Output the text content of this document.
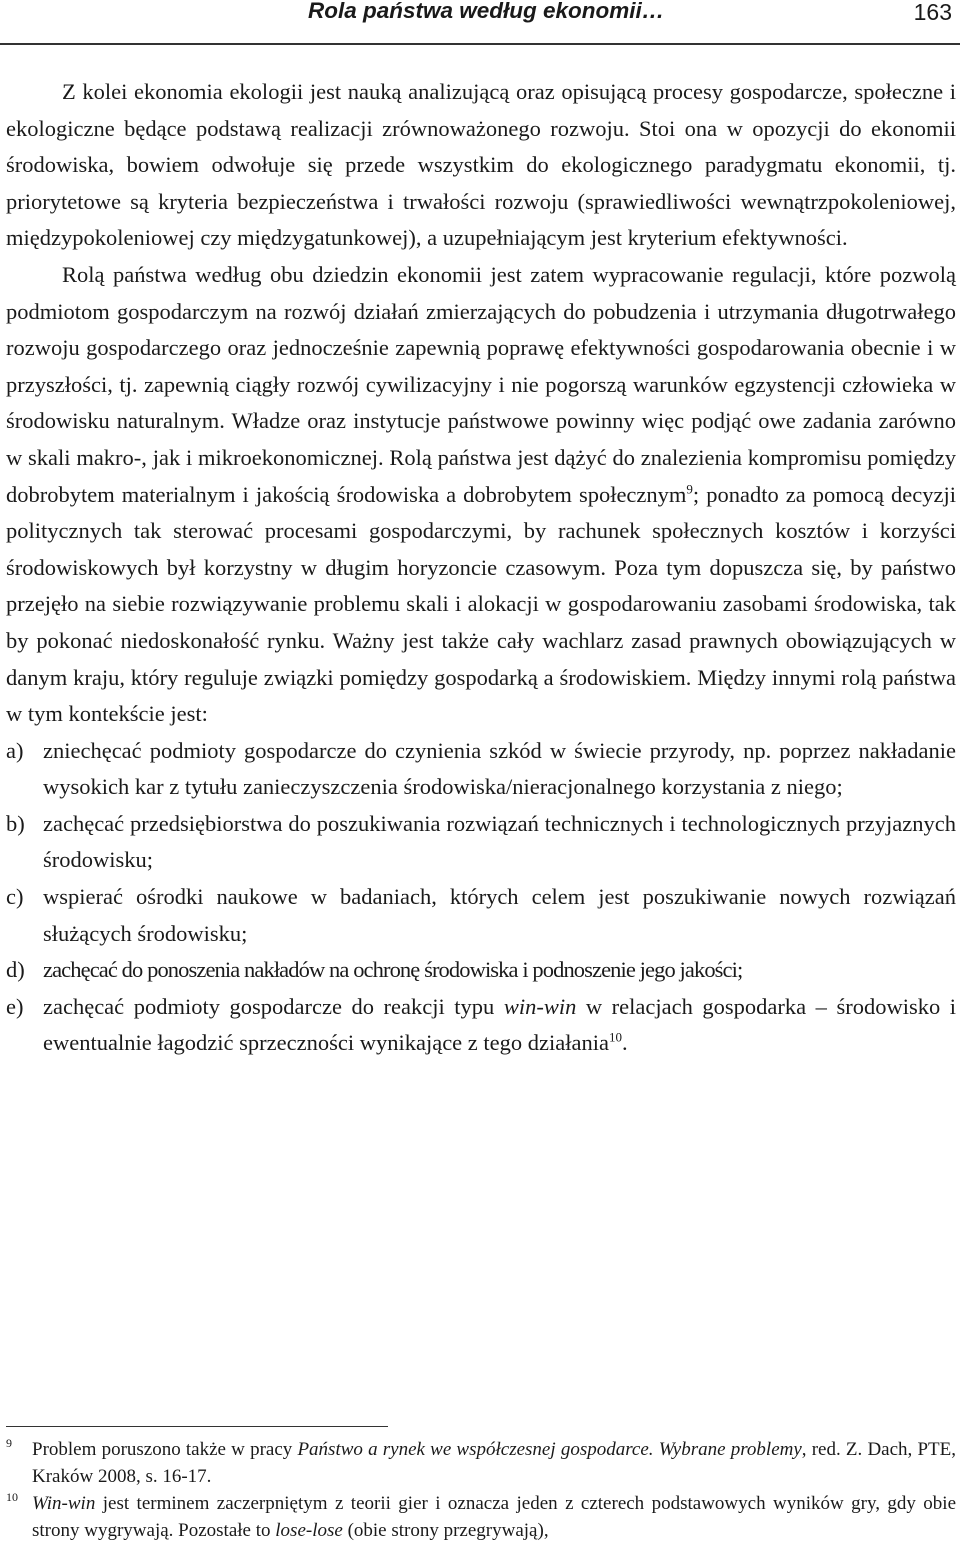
Rola państwa według ekonomii…	163

Z kolei ekonomia ekologii jest nauką analizującą oraz opisującą procesy gospodarcze, społeczne i ekologiczne będące podstawą realizacji zrównoważonego rozwoju. Stoi ona w opozycji do ekonomii środowiska, bowiem odwołuje się przede wszystkim do ekologicznego paradygmatu ekonomii, tj. priorytetowe są kryteria bezpieczeństwa i trwałości rozwoju (sprawiedliwości wewnątrzpokoleniowej, międzypokoleniowej czy międzygatunkowej), a uzupełniającym jest kryterium efektywności.

Rolą państwa według obu dziedzin ekonomii jest zatem wypracowanie regulacji, które pozwolą podmiotom gospodarczym na rozwój działań zmierzających do pobudzenia i utrzymania długotrwałego rozwoju gospodarczego oraz jednocześnie zapewnią poprawę efektywności gospodarowania obecnie i w przyszłości, tj. zapewnią ciągły rozwój cywilizacyjny i nie pogorszą warunków egzystencji człowieka w środowisku naturalnym. Władze oraz instytucje państwowe powinny więc podjąć owe zadania zarówno w skali makro-, jak i mikroekonomicznej. Rolą państwa jest dążyć do znalezienia kompromisu pomiędzy dobrobytem materialnym i jakością środowiska a dobrobytem społecznym$^9$; ponadto za pomocą decyzji politycznych tak sterować procesami gospodarczymi, by rachunek społecznych kosztów i korzyści środowiskowych był korzystny w długim horyzoncie czasowym. Poza tym dopuszcza się, by państwo przejęło na siebie rozwiązywanie problemu skali i alokacji w gospodarowaniu zasobami środowiska, tak by pokonać niedoskonałość rynku. Ważny jest także cały wachlarz zasad prawnych obowiązujących w danym kraju, który reguluje związki pomiędzy gospodarką a środowiskiem. Między innymi rolą państwa w tym kontekście jest:

a) zniechęcać podmioty gospodarcze do czynienia szkód w świecie przyrody, np. poprzez nakładanie wysokich kar z tytułu zanieczyszczenia środowiska/nieracjonalnego korzystania z niego;
b) zachęcać przedsiębiorstwa do poszukiwania rozwiązań technicznych i technologicznych przyjaznych środowisku;
c) wspierać ośrodki naukowe w badaniach, których celem jest poszukiwanie nowych rozwiązań służących środowisku;
d) zachęcać do ponoszenia nakładów na ochronę środowiska i podnoszenie jego jakości;
e) zachęcać podmioty gospodarcze do reakcji typu win-win w relacjach gospodarka – środowisko i ewentualnie łagodzić sprzeczności wynikające z tego działania$^{10}$.
9	Problem poruszono także w pracy Państwo a rynek we współczesnej gospodarce. Wybrane problemy, red. Z. Dach, PTE, Kraków 2008, s. 16-17.
10 Win-win jest terminem zaczerpniętym z teorii gier i oznacza jeden z czterech podstawowych wyników gry, gdy obie strony wygrywają. Pozostałe to lose-lose (obie strony przegrywają),
